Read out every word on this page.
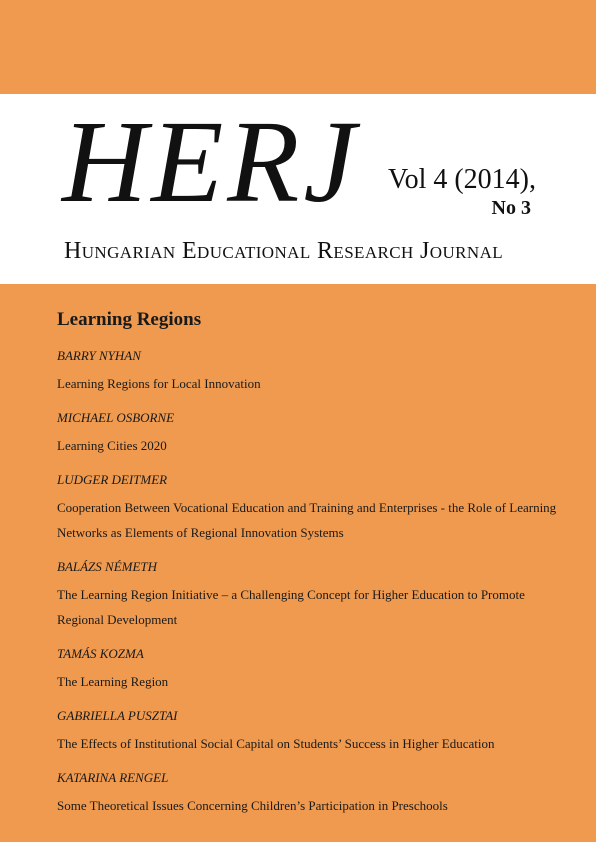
HERJ Vol 4 (2014),
No 3
Hungarian Educational Research Journal
Learning Regions
BARRY NYHAN
Learning Regions for Local Innovation
MICHAEL OSBORNE
Learning Cities 2020
LUDGER DEITMER
Cooperation Between Vocational Education and Training and Enterprises - the Role of Learning Networks as Elements of Regional Innovation Systems
BALÁZS NÉMETH
The Learning Region Initiative – a Challenging Concept for Higher Education to Promote Regional Development
TAMÁS KOZMA
The Learning Region
GABRIELLA PUSZTAI
The Effects of Institutional Social Capital on Students’ Success in Higher Education
KATARINA RENGEL
Some Theoretical Issues Concerning Children’s Participation in Preschools
